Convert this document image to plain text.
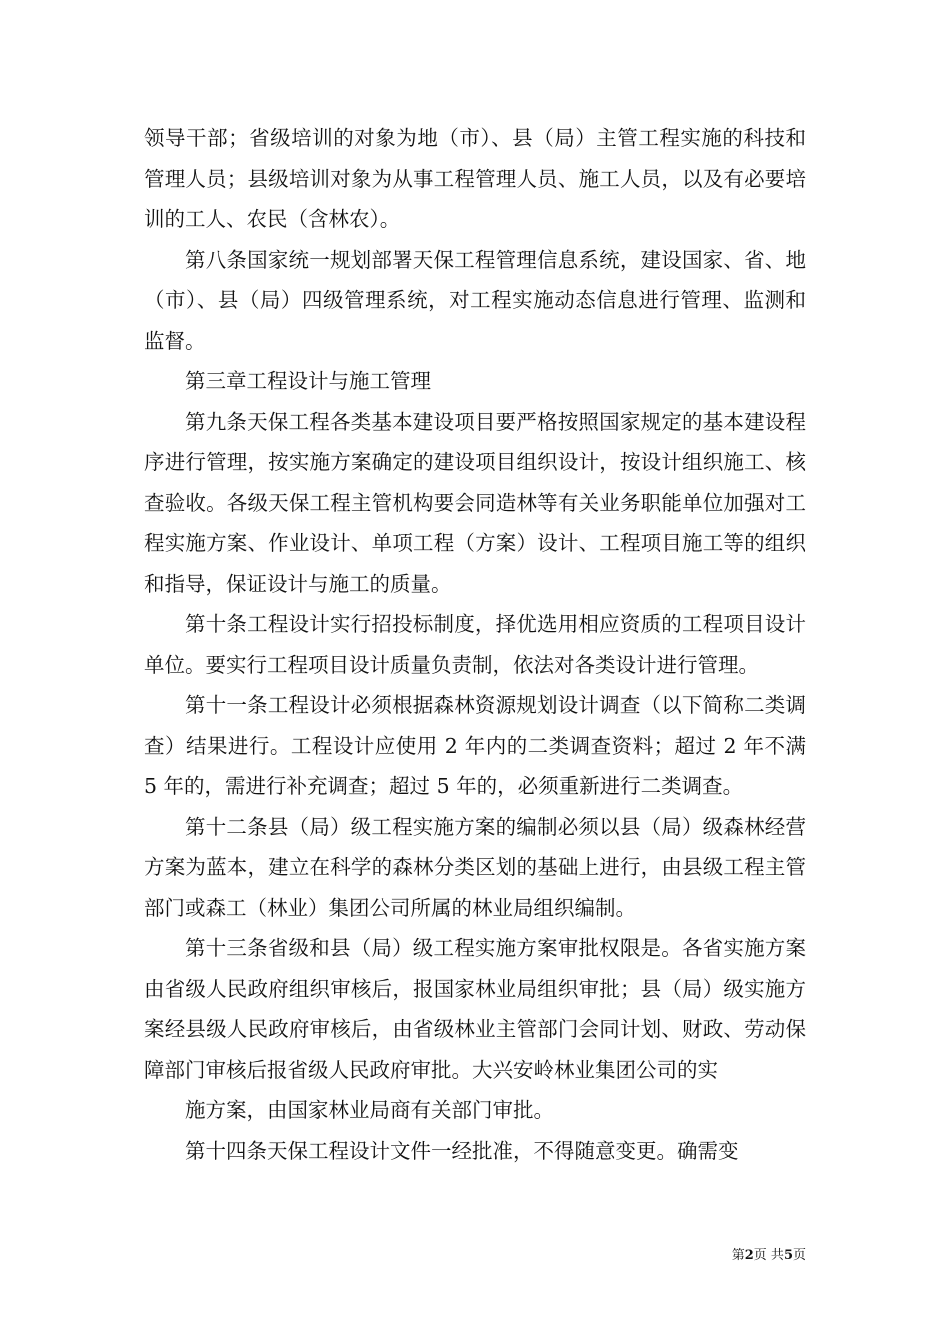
领导干部；省级培训的对象为地（市）、县（局）主管工程实施的科技和管理人员；县级培训对象为从事工程管理人员、施工人员，以及有必要培训的工人、农民（含林农）。

第八条国家统一规划部署天保工程管理信息系统，建设国家、省、地（市）、县（局）四级管理系统，对工程实施动态信息进行管理、监测和监督。

第三章工程设计与施工管理

第九条天保工程各类基本建设项目要严格按照国家规定的基本建设程序进行管理，按实施方案确定的建设项目组织设计，按设计组织施工、核查验收。各级天保工程主管机构要会同造林等有关业务职能单位加强对工程实施方案、作业设计、单项工程（方案）设计、工程项目施工等的组织和指导，保证设计与施工的质量。

第十条工程设计实行招投标制度，择优选用相应资质的工程项目设计单位。要实行工程项目设计质量负责制，依法对各类设计进行管理。

第十一条工程设计必须根据森林资源规划设计调查（以下简称二类调查）结果进行。工程设计应使用 2 年内的二类调查资料；超过 2 年不满 5 年的，需进行补充调查；超过 5 年的，必须重新进行二类调查。

第十二条县（局）级工程实施方案的编制必须以县（局）级森林经营方案为蓝本，建立在科学的森林分类区划的基础上进行，由县级工程主管部门或森工（林业）集团公司所属的林业局组织编制。

第十三条省级和县（局）级工程实施方案审批权限是。各省实施方案由省级人民政府组织审核后，报国家林业局组织审批；县（局）级实施方案经县级人民政府审核后，由省级林业主管部门会同计划、财政、劳动保障部门审核后报省级人民政府审批。大兴安岭林业集团公司的实

施方案，由国家林业局商有关部门审批。

第十四条天保工程设计文件一经批准，不得随意变更。确需变

第2页 共5页
